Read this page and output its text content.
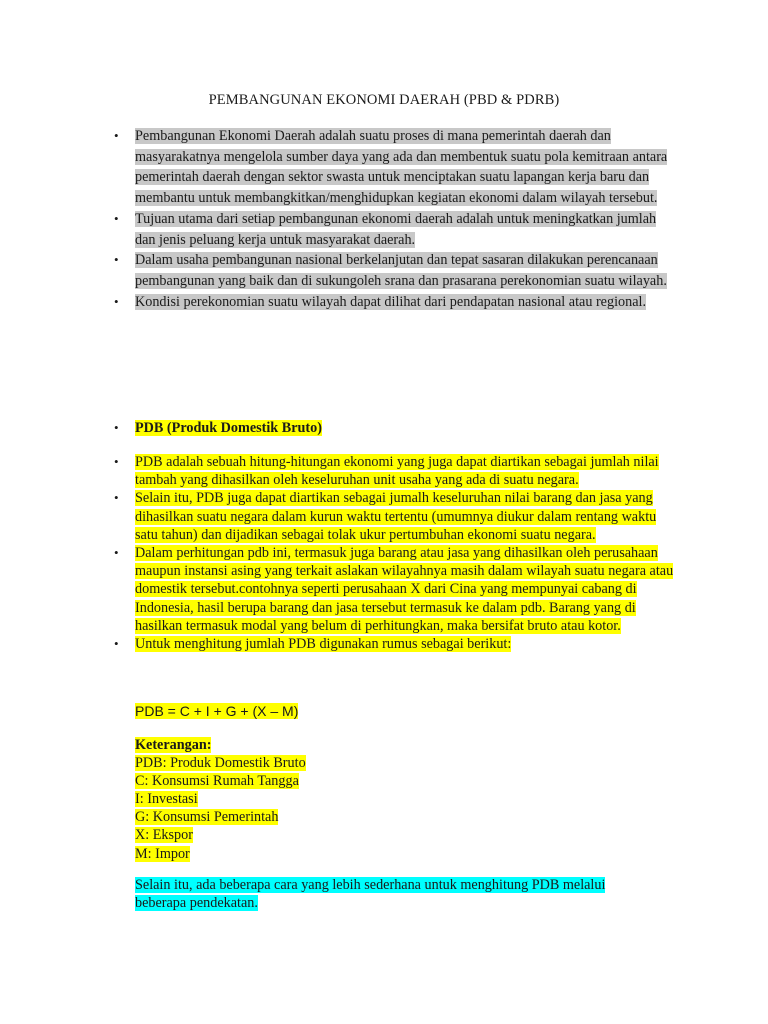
PEMBANGUNAN EKONOMI DAERAH (PBD & PDRB)
• Pembangunan Ekonomi Daerah adalah suatu proses di mana pemerintah daerah dan masyarakatnya mengelola sumber daya yang ada dan membentuk suatu pola kemitraan antara pemerintah daerah dengan sektor swasta untuk menciptakan suatu lapangan kerja baru dan membantu untuk membangkitkan/menghidupkan kegiatan ekonomi dalam wilayah tersebut.
• Tujuan utama dari setiap pembangunan ekonomi daerah adalah untuk meningkatkan jumlah dan jenis peluang kerja untuk masyarakat daerah.
• Dalam usaha pembangunan nasional berkelanjutan dan tepat sasaran dilakukan perencanaan pembangunan yang baik dan di sukungoleh srana dan prasarana perekonomian suatu wilayah.
• Kondisi perekonomian suatu wilayah dapat dilihat dari pendapatan nasional atau regional.
• PDB (Produk Domestik Bruto)
• PDB adalah sebuah hitung-hitungan ekonomi yang juga dapat diartikan sebagai jumlah nilai tambah yang dihasilkan oleh keseluruhan unit usaha yang ada di suatu negara.
• Selain itu, PDB juga dapat diartikan sebagai jumalh keseluruhan nilai barang dan jasa yang dihasilkan suatu negara dalam kurun waktu tertentu (umumnya diukur dalam rentang waktu satu tahun) dan dijadikan sebagai tolak ukur pertumbuhan ekonomi suatu negara.
• Dalam perhitungan pdb ini, termasuk juga barang atau jasa yang dihasilkan oleh perusahaan maupun instansi asing yang terkait aslakan wilayahnya masih dalam wilayah suatu negara atau domestik tersebut.contohnya seperti perusahaan X dari Cina yang mempunyai cabang di Indonesia, hasil berupa barang dan jasa tersebut termasuk ke dalam pdb. Barang yang di hasilkan termasuk modal yang belum di perhitungkan, maka bersifat bruto atau kotor.
• Untuk menghitung jumlah PDB digunakan rumus sebagai berikut:
PDB = C + I + G + (X – M)
Keterangan:
PDB: Produk Domestik Bruto
C: Konsumsi Rumah Tangga
I: Investasi
G: Konsumsi Pemerintah
X: Ekspor
M: Impor
Selain itu, ada beberapa cara yang lebih sederhana untuk menghitung PDB melalui beberapa pendekatan.
